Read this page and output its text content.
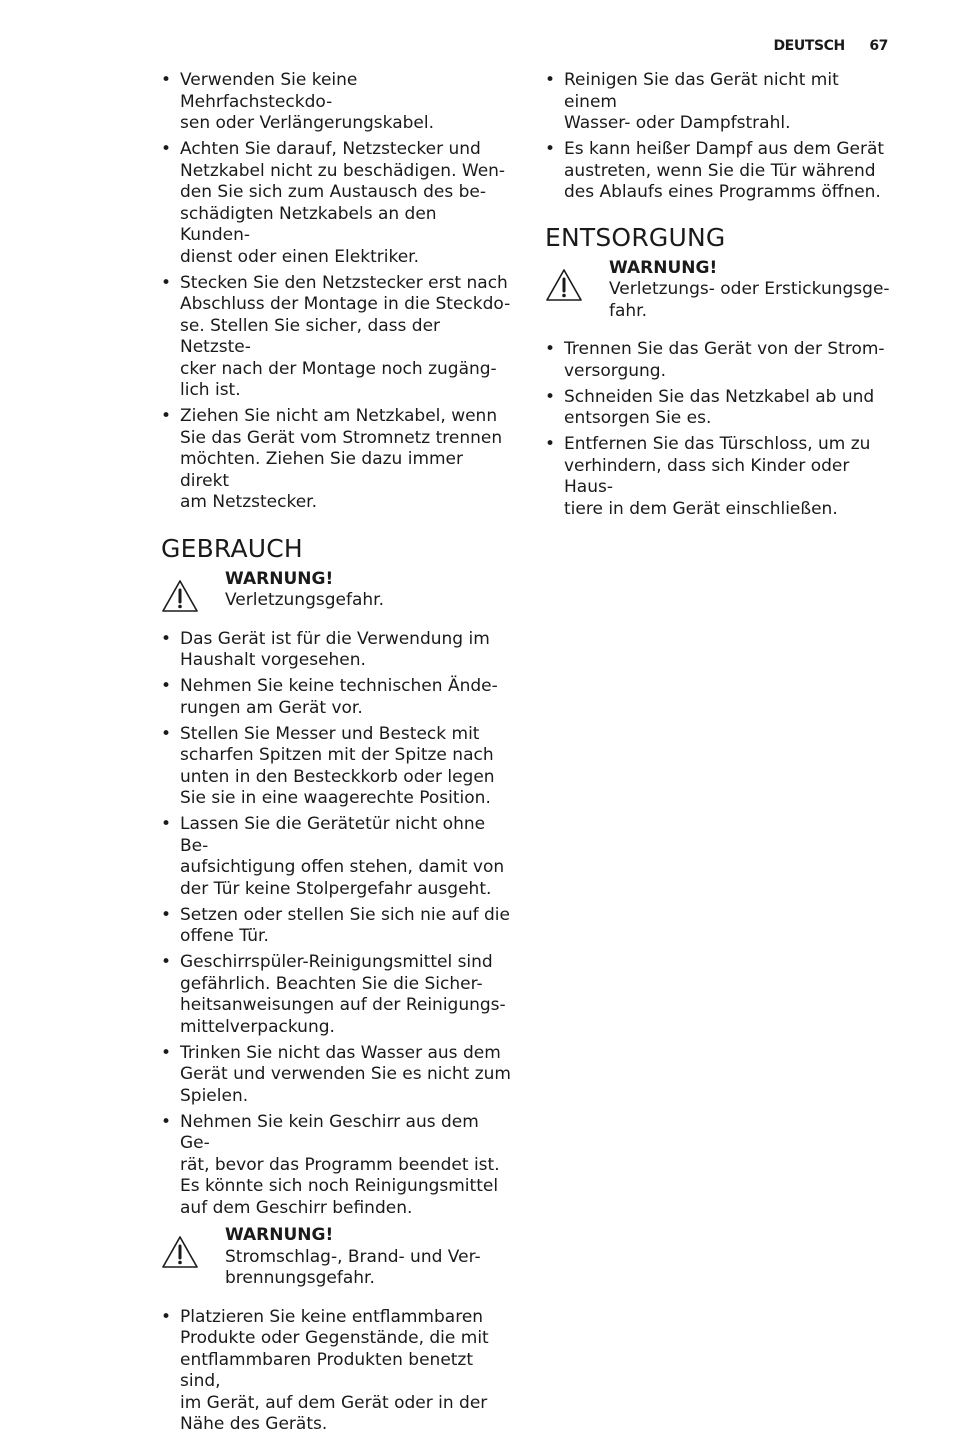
DEUTSCH 67
• Verwenden Sie keine Mehrfachsteckdo-
sen oder Verlängerungskabel.
• Achten Sie darauf, Netzstecker und
Netzkabel nicht zu beschädigen. Wen-
den Sie sich zum Austausch des be-
schädigten Netzkabels an den Kunden-
dienst oder einen Elektriker.
• Stecken Sie den Netzstecker erst nach
Abschluss der Montage in die Steckdo-
se. Stellen Sie sicher, dass der Netzste-
cker nach der Montage noch zugäng-
lich ist.
• Ziehen Sie nicht am Netzkabel, wenn
Sie das Gerät vom Stromnetz trennen
möchten. Ziehen Sie dazu immer direkt
am Netzstecker.
GEBRAUCH
WARNUNG!
Verletzungsgefahr.
• Das Gerät ist für die Verwendung im
Haushalt vorgesehen.
• Nehmen Sie keine technischen Ände-
rungen am Gerät vor.
• Stellen Sie Messer und Besteck mit
scharfen Spitzen mit der Spitze nach
unten in den Besteckkorb oder legen
Sie sie in eine waagerechte Position.
• Lassen Sie die Gerätetür nicht ohne Be-
aufsichtigung offen stehen, damit von
der Tür keine Stolpergefahr ausgeht.
• Setzen oder stellen Sie sich nie auf die
offene Tür.
• Geschirrspüler-Reinigungsmittel sind
gefährlich. Beachten Sie die Sicher-
heitsanweisungen auf der Reinigungs-
mittelverpackung.
• Trinken Sie nicht das Wasser aus dem
Gerät und verwenden Sie es nicht zum
Spielen.
• Nehmen Sie kein Geschirr aus dem Ge-
rät, bevor das Programm beendet ist.
Es könnte sich noch Reinigungsmittel
auf dem Geschirr befinden.
WARNUNG!
Stromschlag-, Brand- und Ver-
brennungsgefahr.
• Platzieren Sie keine entflammbaren
Produkte oder Gegenstände, die mit
entflammbaren Produkten benetzt sind,
im Gerät, auf dem Gerät oder in der
Nähe des Geräts.
• Reinigen Sie das Gerät nicht mit einem
Wasser- oder Dampfstrahl.
• Es kann heißer Dampf aus dem Gerät
austreten, wenn Sie die Tür während
des Ablaufs eines Programms öffnen.
ENTSORGUNG
WARNUNG!
Verletzungs- oder Erstickungsge-
fahr.
• Trennen Sie das Gerät von der Strom-
versorgung.
• Schneiden Sie das Netzkabel ab und
entsorgen Sie es.
• Entfernen Sie das Türschloss, um zu
verhindern, dass sich Kinder oder Haus-
tiere in dem Gerät einschließen.
